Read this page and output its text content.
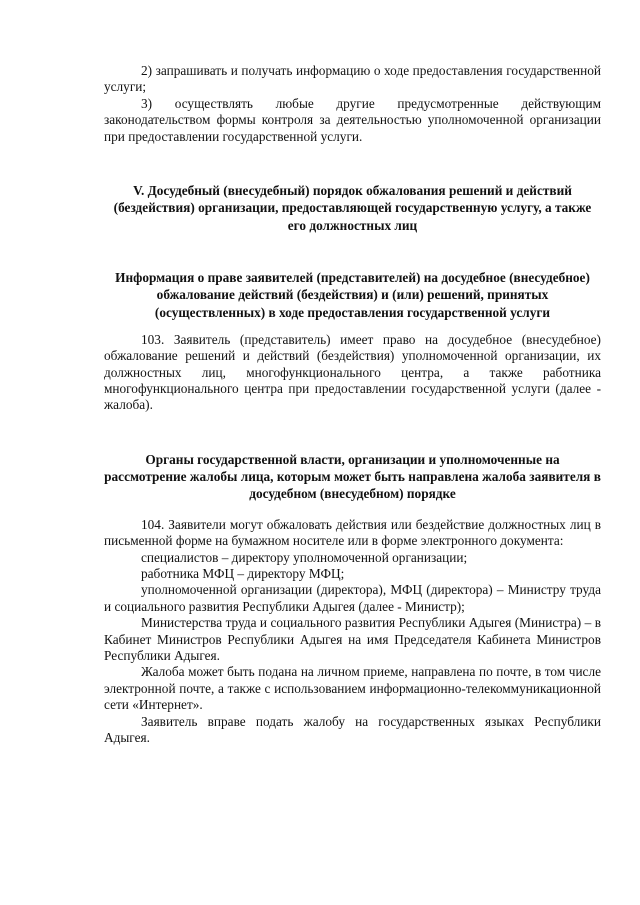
2) запрашивать и получать информацию о ходе предоставления государственной услуги;

3) осуществлять любые другие предусмотренные действующим законодательством формы контроля за деятельностью уполномоченной организации при предоставлении государственной услуги.

V. Досудебный (внесудебный) порядок обжалования решений и действий (бездействия) организации, предоставляющей государственную услугу, а также его должностных лиц

Информация о праве заявителей (представителей) на досудебное (внесудебное) обжалование действий (бездействия) и (или) решений, принятых (осуществленных) в ходе предоставления государственной услуги

103. Заявитель (представитель) имеет право на досудебное (внесудебное) обжалование решений и действий (бездействия) уполномоченной организации, их должностных лиц, многофункционального центра, а также работника многофункционального центра при предоставлении государственной услуги (далее - жалоба).

Органы государственной власти, организации и уполномоченные на рассмотрение жалобы лица, которым может быть направлена жалоба заявителя в досудебном (внесудебном) порядке

104. Заявители могут обжаловать действия или бездействие должностных лиц в письменной форме на бумажном носителе или в форме электронного документа:

специалистов – директору уполномоченной организации;

работника МФЦ – директору МФЦ;

уполномоченной организации (директора), МФЦ (директора) – Министру труда и социального развития Республики Адыгея (далее - Министр);

Министерства труда и социального развития Республики Адыгея (Министра) – в Кабинет Министров Республики Адыгея на имя Председателя Кабинета Министров Республики Адыгея.

Жалоба может быть подана на личном приеме, направлена по почте, в том числе электронной почте, а также с использованием информационно-телекоммуникационной сети «Интернет».

Заявитель вправе подать жалобу на государственных языках Республики Адыгея.
